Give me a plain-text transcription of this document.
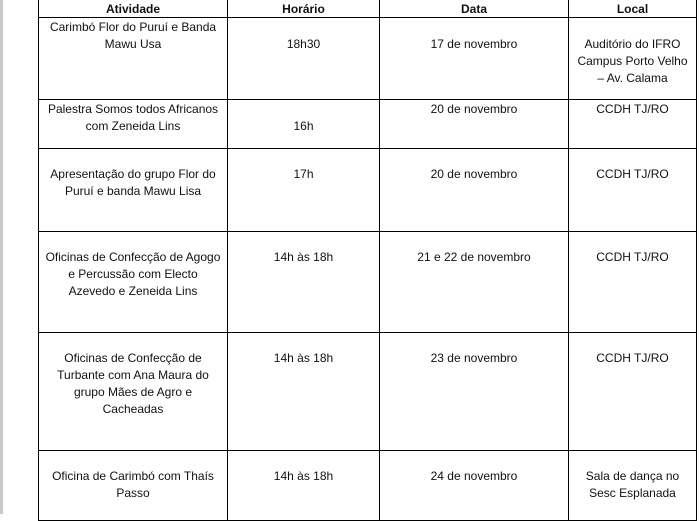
Atividade	Horário	Data	Local

Carimbó Flor do Puruí e Banda Mawu Usa	18h30	17 de novembro	Auditório do IFRO Campus Porto Velho – Av. Calama

Palestra Somos todos Africanos com Zeneida Lins	16h	20 de novembro	CCDH TJ/RO

Apresentação do grupo Flor do Puruí e banda Mawu Lisa	17h	20 de novembro	CCDH TJ/RO

Oficinas de Confecção de Agogo e Percussão com Electo Azevedo e Zeneida Lins	14h às 18h	21 e 22 de novembro	CCDH TJ/RO

Oficinas de Confecção de Turbante com Ana Maura do grupo Mães de Agro e Cacheadas	14h às 18h	23 de novembro	CCDH TJ/RO

Oficina de Carimbó com Thaís Passo	14h às 18h	24 de novembro	Sala de dança no Sesc Esplanada
